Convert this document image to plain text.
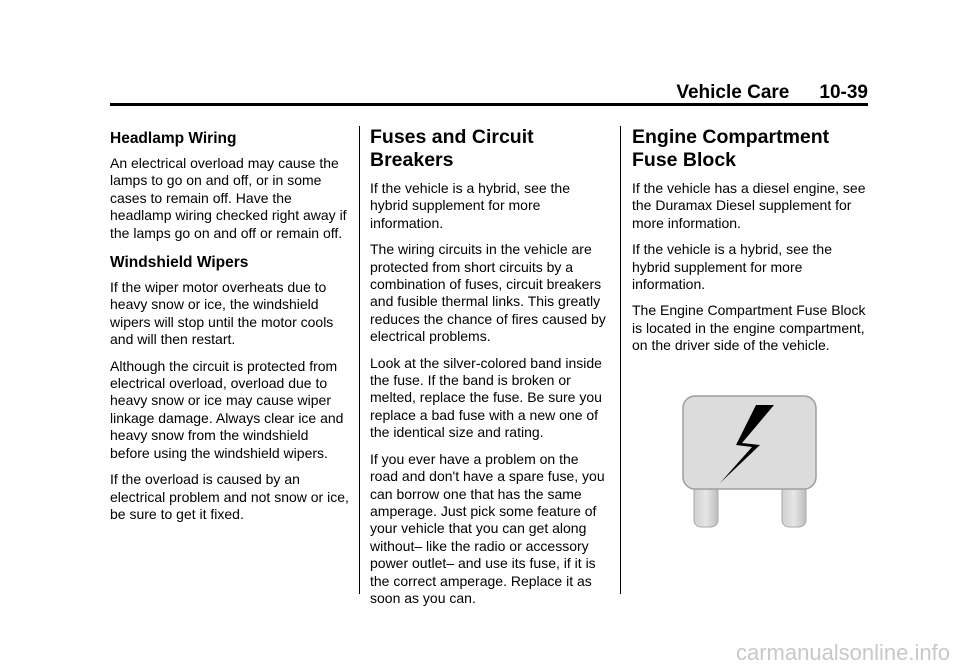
Vehicle Care 10-39
Headlamp Wiring

An electrical overload may cause the lamps to go on and off, or in some cases to remain off. Have the headlamp wiring checked right away if the lamps go on and off or remain off.

Windshield Wipers

If the wiper motor overheats due to heavy snow or ice, the windshield wipers will stop until the motor cools and will then restart.

Although the circuit is protected from electrical overload, overload due to heavy snow or ice may cause wiper linkage damage. Always clear ice and heavy snow from the windshield before using the windshield wipers.

If the overload is caused by an electrical problem and not snow or ice, be sure to get it fixed.

Fuses and Circuit Breakers

If the vehicle is a hybrid, see the hybrid supplement for more information.

The wiring circuits in the vehicle are protected from short circuits by a combination of fuses, circuit breakers and fusible thermal links. This greatly reduces the chance of fires caused by electrical problems.

Look at the silver-colored band inside the fuse. If the band is broken or melted, replace the fuse. Be sure you replace a bad fuse with a new one of the identical size and rating.

If you ever have a problem on the road and don't have a spare fuse, you can borrow one that has the same amperage. Just pick some feature of your vehicle that you can get along without– like the radio or accessory power outlet– and use its fuse, if it is the correct amperage. Replace it as soon as you can.

Engine Compartment Fuse Block

If the vehicle has a diesel engine, see the Duramax Diesel supplement for more information.

If the vehicle is a hybrid, see the hybrid supplement for more information.

The Engine Compartment Fuse Block is located in the engine compartment, on the driver side of the vehicle.

carmanualsonline.info
